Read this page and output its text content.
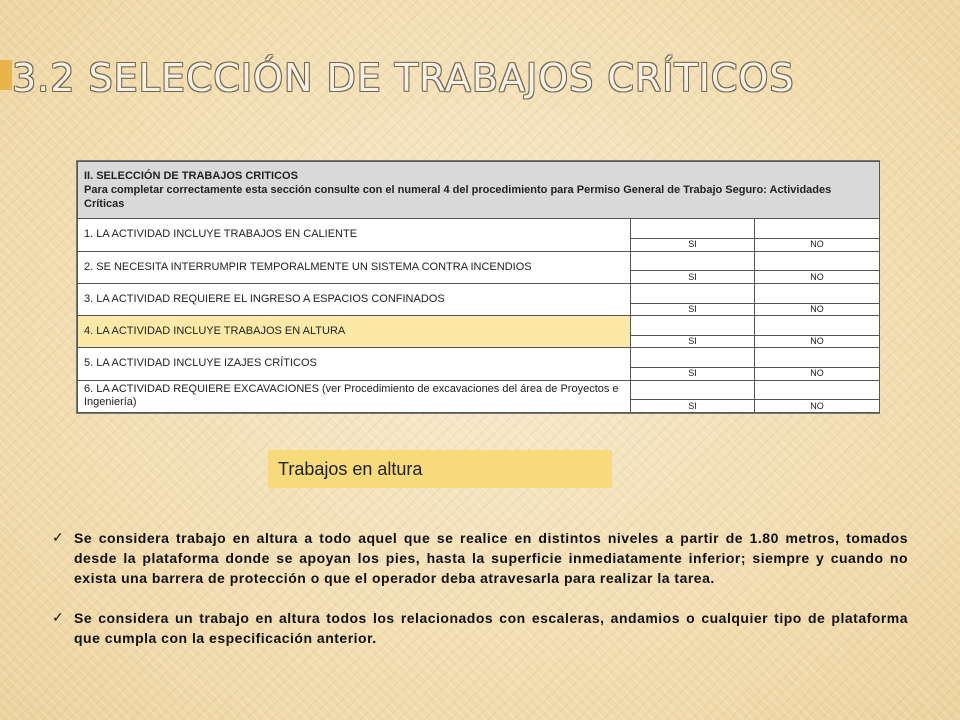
3.2 SELECCIÓN DE TRABAJOS CRÍTICOS
II. SELECCIÓN DE TRABAJOS CRITICOS
Para completar correctamente esta sección consulte con el numeral 4 del procedimiento para Permiso General de Trabajo Seguro: Actividades Críticas		

1. LA ACTIVIDAD INCLUYE TRABAJOS EN CALIENTE		
	SI	NO
2. SE NECESITA INTERRUMPIR TEMPORALMENTE UN SISTEMA CONTRA INCENDIOS		
	SI	NO
3. LA ACTIVIDAD REQUIERE EL INGRESO A ESPACIOS CONFINADOS		
	SI	NO
4. LA ACTIVIDAD INCLUYE TRABAJOS EN ALTURA		
	SI	NO
5. LA ACTIVIDAD INCLUYE IZAJES CRÍTICOS		
	SI	NO
6. LA ACTIVIDAD REQUIERE EXCAVACIONES (ver Procedimiento de excavaciones del área de Proyectos e Ingeniería)		
	SI	NO
Trabajos en altura
✓ Se considera trabajo en altura a todo aquel que se realice en distintos niveles a partir de 1.80 metros, tomados desde la plataforma donde se apoyan los pies, hasta la superficie inmediatamente inferior; siempre y cuando no exista una barrera de protección o que el operador deba atravesarla para realizar la tarea.
✓ Se considera un trabajo en altura todos los relacionados con escaleras, andamios o cualquier tipo de plataforma que cumpla con la especificación anterior.
